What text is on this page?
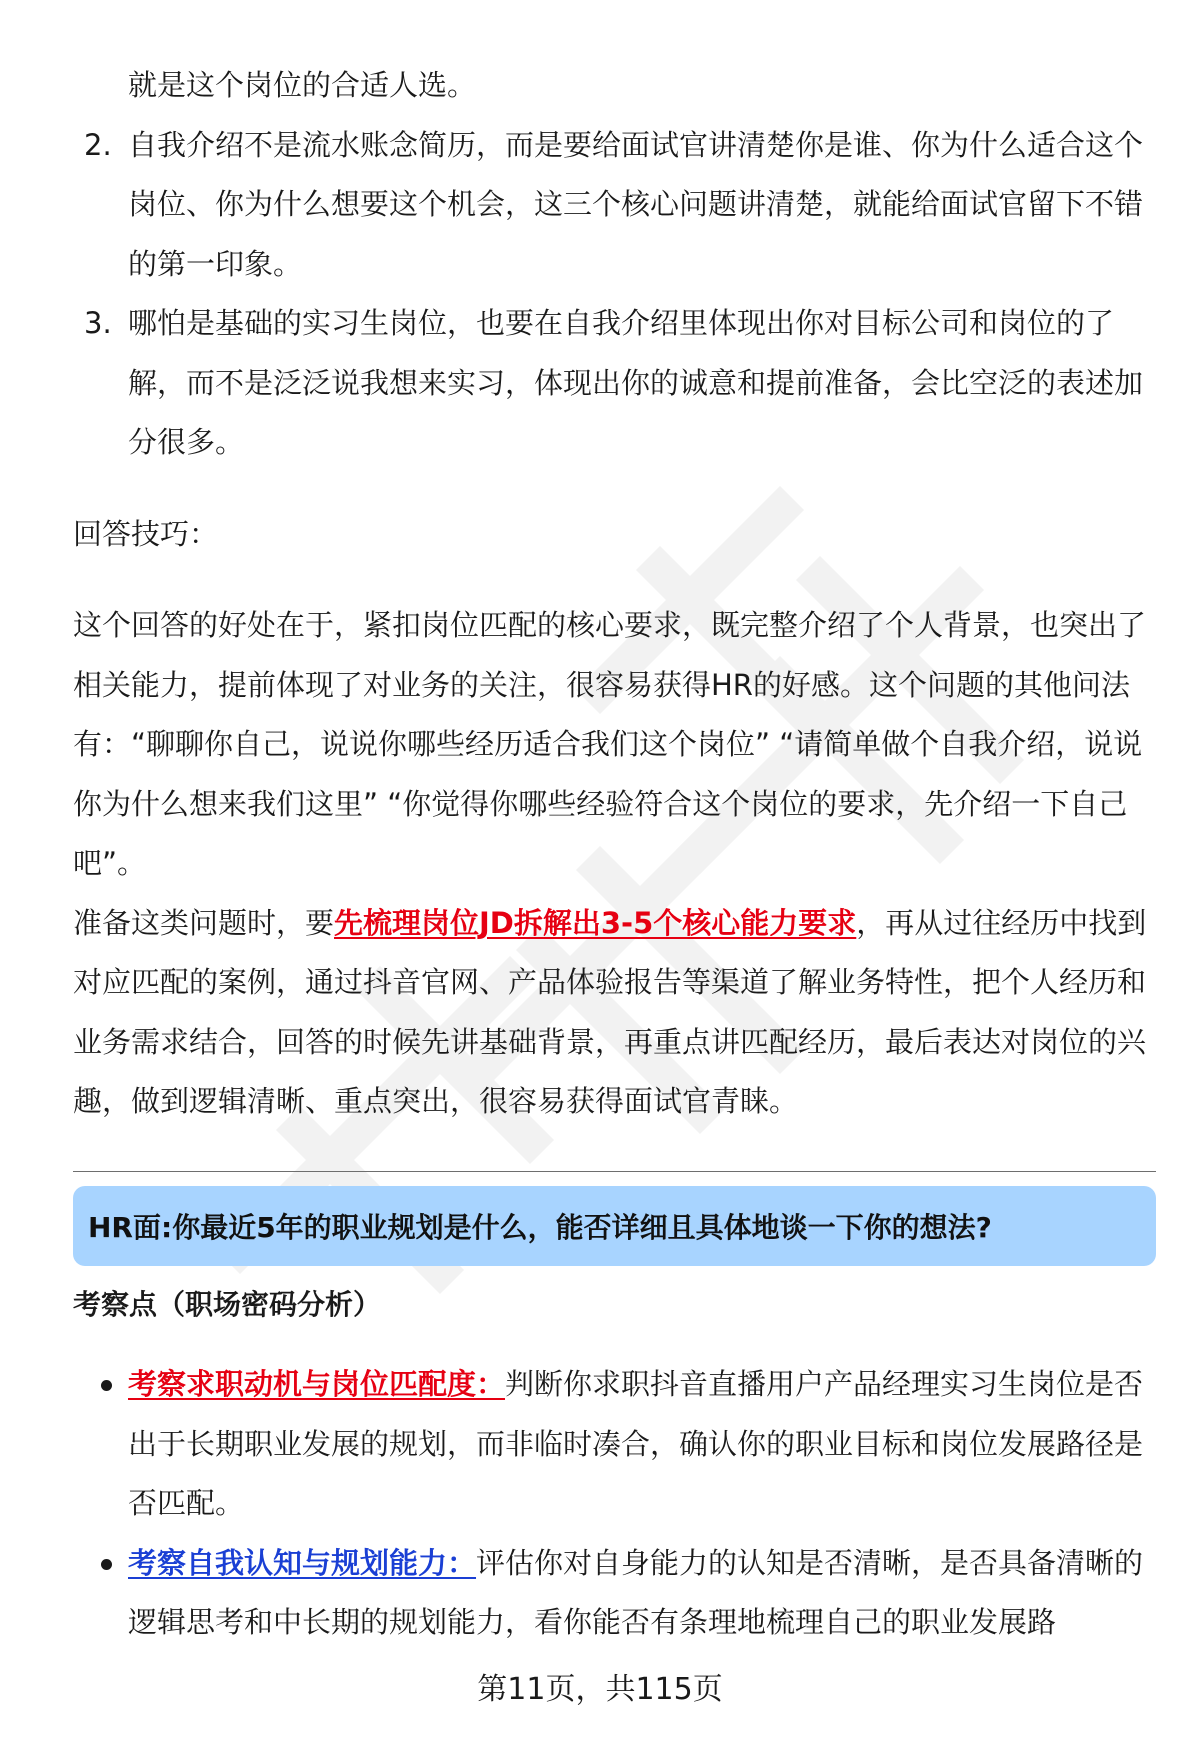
就是这个岗位的合适人选。
2. 自我介绍不是流水账念简历，而是要给面试官讲清楚你是谁、你为什么适合这个岗位、你为什么想要这个机会，这三个核心问题讲清楚，就能给面试官留下不错的第一印象。
3. 哪怕是基础的实习生岗位，也要在自我介绍里体现出你对目标公司和岗位的了解，而不是泛泛说我想来实习，体现出你的诚意和提前准备，会比空泛的表述加分很多。
回答技巧：

这个回答的好处在于，紧扣岗位匹配的核心要求，既完整介绍了个人背景，也突出了相关能力，提前体现了对业务的关注，很容易获得HR的好感。这个问题的其他问法有：“聊聊你自己，说说你哪些经历适合我们这个岗位” “请简单做个自我介绍，说说你为什么想来我们这里” “你觉得你哪些经验符合这个岗位的要求，先介绍一下自己吧”。

准备这类问题时，要先梳理岗位JD拆解出3-5个核心能力要求，再从过往经历中找到对应匹配的案例，通过抖音官网、产品体验报告等渠道了解业务特性，把个人经历和业务需求结合，回答的时候先讲基础背景，再重点讲匹配经历，最后表达对岗位的兴趣，做到逻辑清晰、重点突出，很容易获得面试官青睐。

HR面:你最近5年的职业规划是什么，能否详细且具体地谈一下你的想法?
考察点（职场密码分析）
考察求职动机与岗位匹配度：判断你求职抖音直播用户产品经理实习生岗位是否出于长期职业发展的规划，而非临时凑合，确认你的职业目标和岗位发展路径是否匹配。
考察自我认知与规划能力：评估你对自身能力的认知是否清晰，是否具备清晰的逻辑思考和中长期的规划能力，看你能否有条理地梳理自己的职业发展路
第11页，共115页
